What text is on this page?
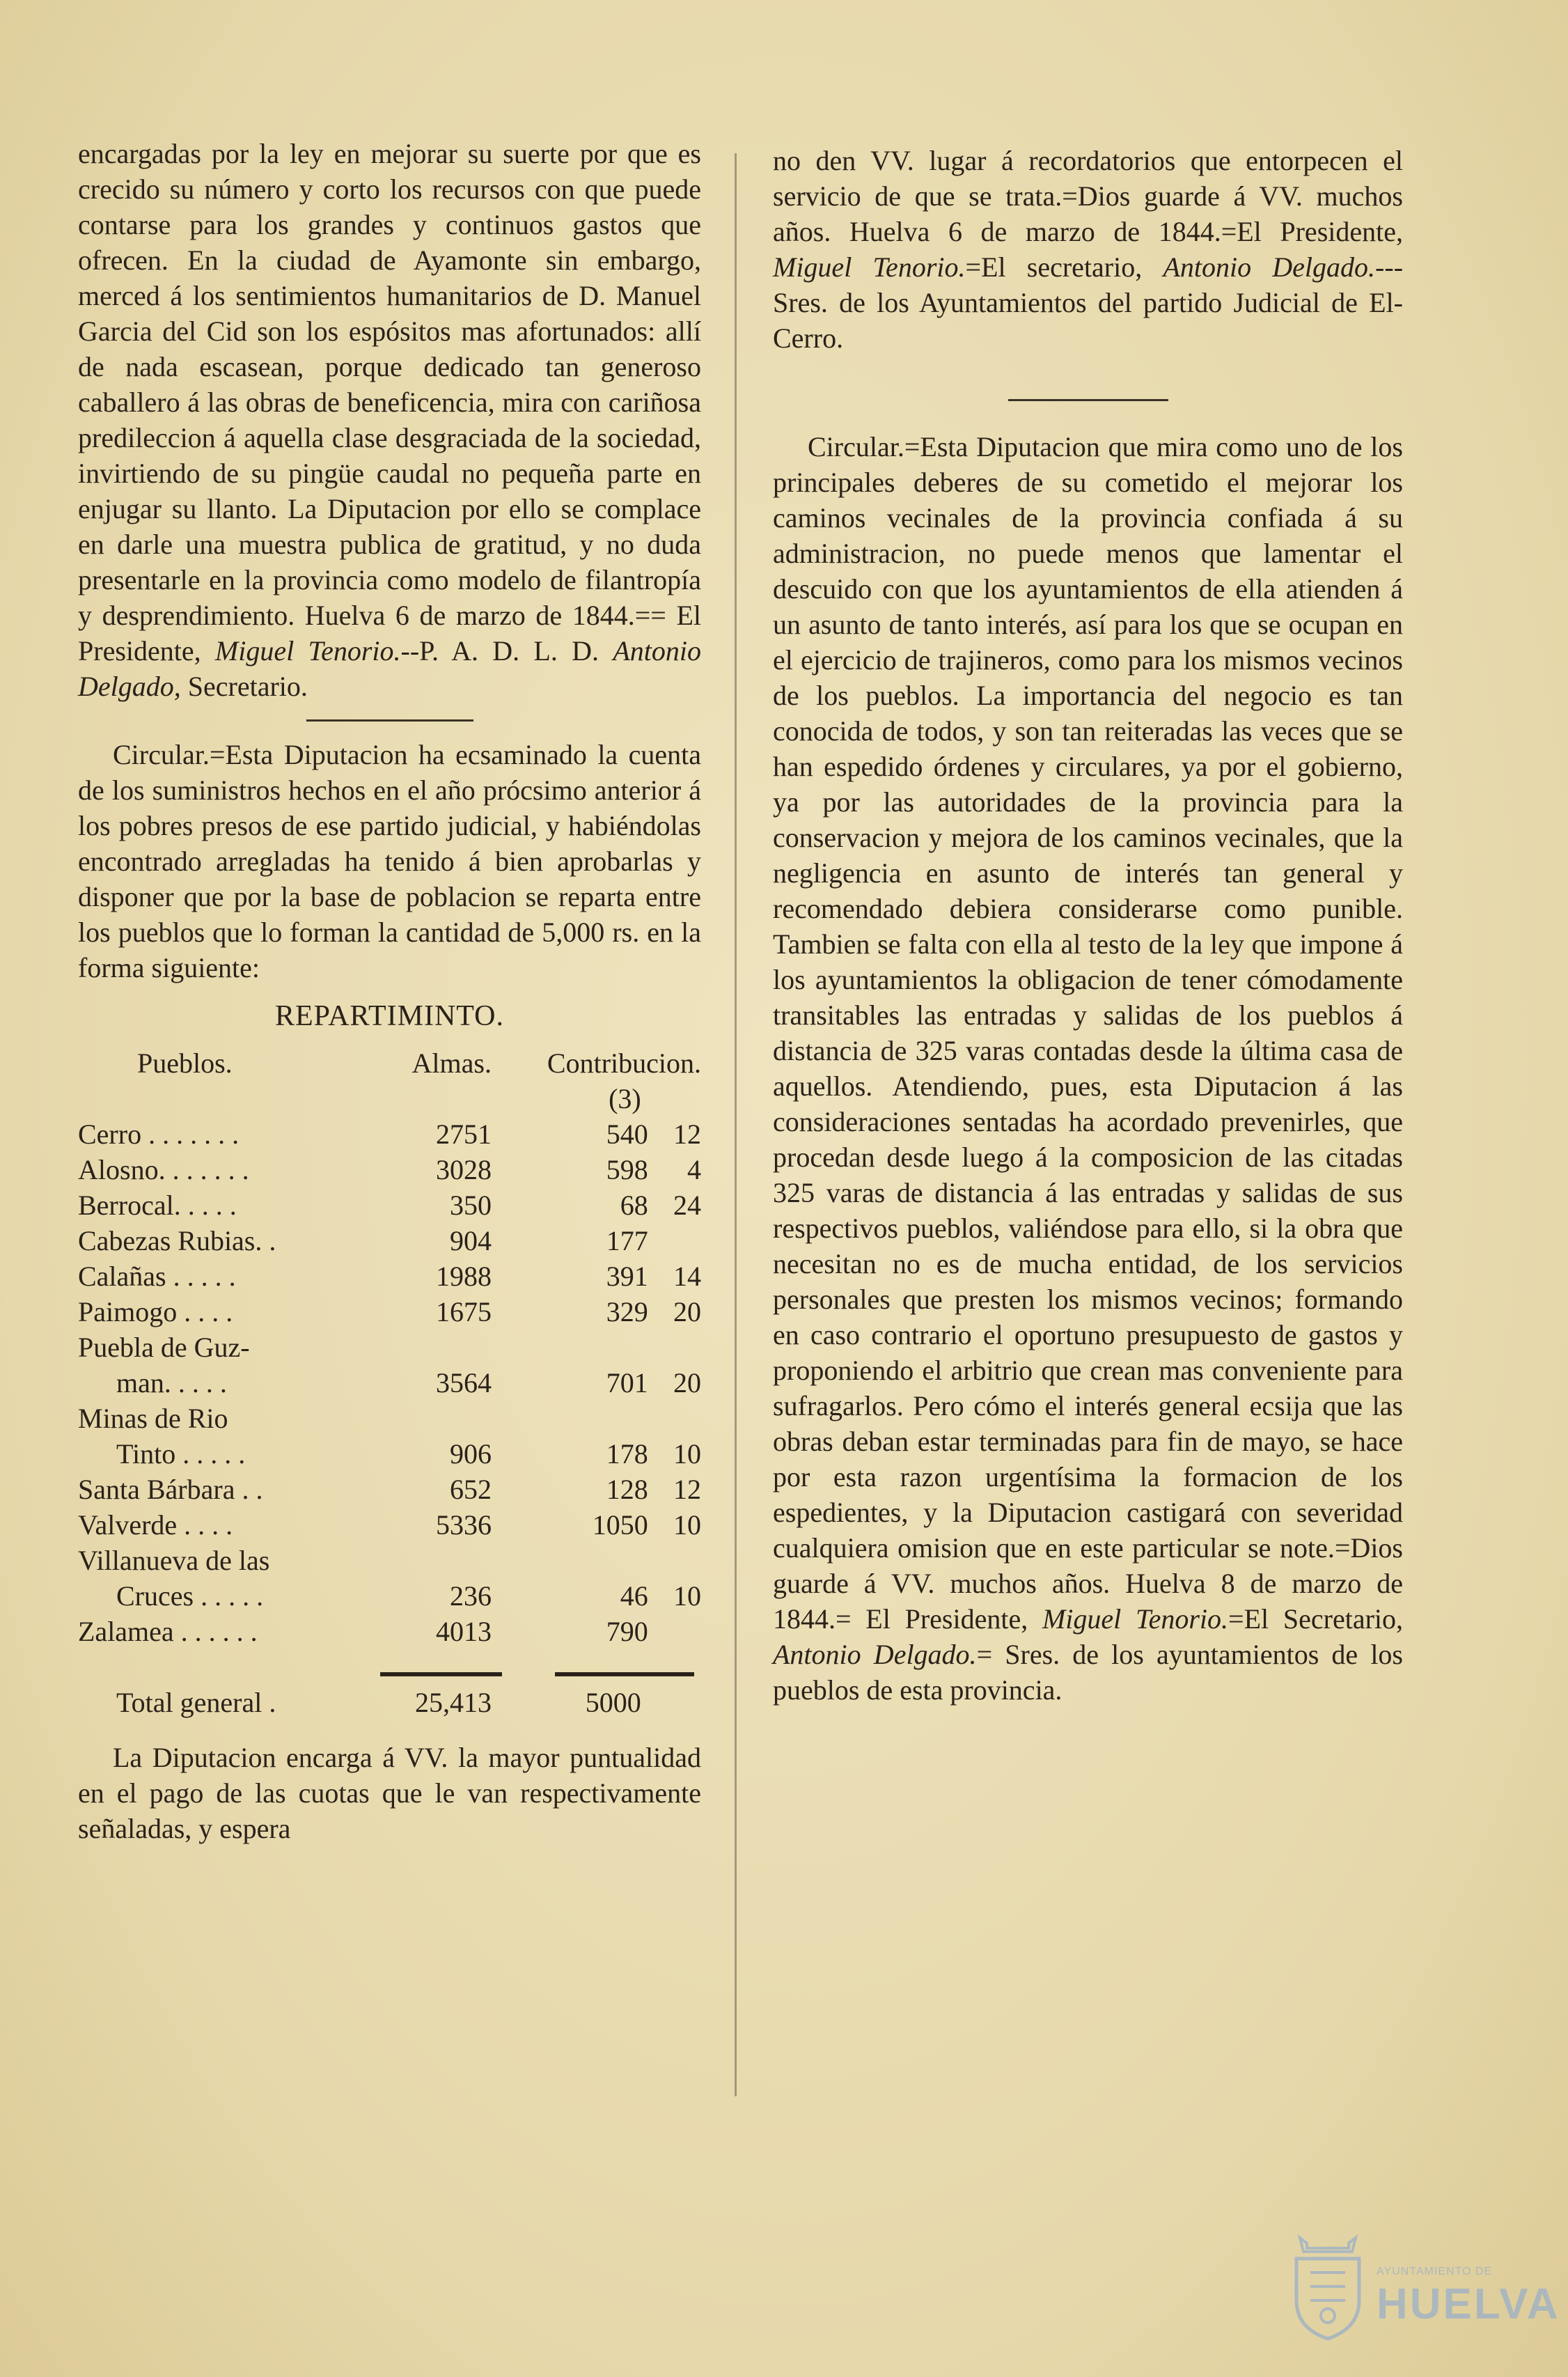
encargadas por la ley en mejorar su suerte por que es crecido su número y corto los recursos con que puede contarse para los grandes y continuos gastos que ofrecen. En la ciudad de Ayamonte sin embargo, merced á los sentimientos humanitarios de D. Manuel Garcia del Cid son los espósitos mas afortunados: allí de nada escasean, porque dedicado tan generoso caballero á las obras de beneficencia, mira con cariñosa predileccion á aquella clase desgraciada de la sociedad, invirtiendo de su pingüe caudal no pequeña parte en enjugar su llanto. La Diputacion por ello se complace en darle una muestra publica de gratitud, y no duda presentarle en la provincia como modelo de filantropía y desprendimiento. Huelva 6 de marzo de 1844.== El Presidente, Miguel Tenorio.--P. A. D. L. D. Antonio Delgado, Secretario.

Circular.=Esta Diputacion ha ecsaminado la cuenta de los suministros hechos en el año prócsimo anterior á los pobres presos de ese partido judicial, y habiéndolas encontrado arregladas ha tenido á bien aprobarlas y disponer que por la base de poblacion se reparta entre los pueblos que lo forman la cantidad de 5,000 rs. en la forma siguiente:

REPARTIMINTO.
Pueblos.	Almas.	Contribucion.	
		(3)	
Cerro . . . . . . .	2751	540	12
Alosno. . . . . . .	3028	598	4
Berrocal. . . . .	350	68	24
Cabezas Rubias. .	904	177	
Calañas . . . . .	1988	391	14
Paimogo . . . .	1675	329	20
Puebla de Guz-			
man. . . . .	3564	701	20
Minas de Rio			
Tinto . . . . .	906	178	10
Santa Bárbara . .	652	128	12
Valverde . . . .	5336	1050	10
Villanueva de las			
Cruces . . . . .	236	46	10
Zalamea . . . . . .	4013	790	

Total general .	25,413	5000	

La Diputacion encarga á VV. la mayor puntualidad en el pago de las cuotas que le van respectivamente señaladas, y espera

no den VV. lugar á recordatorios que entorpecen el servicio de que se trata.=Dios guarde á VV. muchos años. Huelva 6 de marzo de 1844.=El Presidente, Miguel Tenorio.=El secretario, Antonio Delgado.--- Sres. de los Ayuntamientos del partido Judicial de El-Cerro.

Circular.=Esta Diputacion que mira como uno de los principales deberes de su cometido el mejorar los caminos vecinales de la provincia confiada á su administracion, no puede menos que lamentar el descuido con que los ayuntamientos de ella atienden á un asunto de tanto interés, así para los que se ocupan en el ejercicio de trajineros, como para los mismos vecinos de los pueblos. La importancia del negocio es tan conocida de todos, y son tan reiteradas las veces que se han espedido órdenes y circulares, ya por el gobierno, ya por las autoridades de la provincia para la conservacion y mejora de los caminos vecinales, que la negligencia en asunto de interés tan general y recomendado debiera considerarse como punible. Tambien se falta con ella al testo de la ley que impone á los ayuntamientos la obligacion de tener cómodamente transitables las entradas y salidas de los pueblos á distancia de 325 varas contadas desde la última casa de aquellos. Atendiendo, pues, esta Diputacion á las consideraciones sentadas ha acordado prevenirles, que procedan desde luego á la composicion de las citadas 325 varas de distancia á las entradas y salidas de sus respectivos pueblos, valiéndose para ello, si la obra que necesitan no es de mucha entidad, de los servicios personales que presten los mismos vecinos; formando en caso contrario el oportuno presupuesto de gastos y proponiendo el arbitrio que crean mas conveniente para sufragarlos. Pero cómo el interés general ecsija que las obras deban estar terminadas para fin de mayo, se hace por esta razon urgentísima la formacion de los espedientes, y la Diputacion castigará con severidad cualquiera omision que en este particular se note.=Dios guarde á VV. muchos años. Huelva 8 de marzo de 1844.= El Presidente, Miguel Tenorio.=El Secretario, Antonio Delgado.= Sres. de los ayuntamientos de los pueblos de esta provincia.

AYUNTAMIENTO DE
HUELVA
